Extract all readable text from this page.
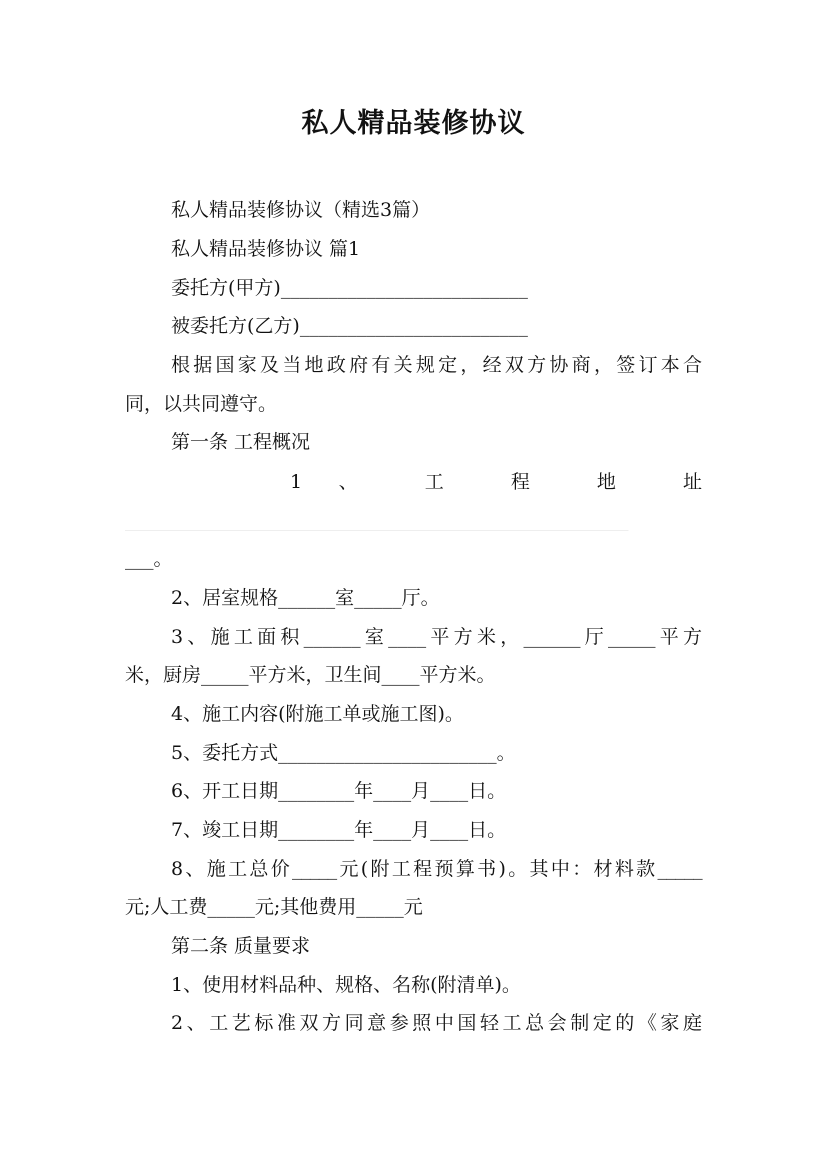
私人精品装修协议
私人精品装修协议（精选3篇）
私人精品装修协议 篇1
委托方(甲方)__________________________
被委托方(乙方)________________________
根据国家及当地政府有关规定，经双方协商，签订本合
同，以共同遵守。
第一条 工程概况
1 、 工 程 地 址
_____________________________________________________
___。
2、居室规格______室_____厅。
3、施工面积______室____平方米，______厅_____平方
米，厨房_____平方米，卫生间____平方米。
4、施工内容(附施工单或施工图)。
5、委托方式_______________________。
6、开工日期________年____月____日。
7、竣工日期________年____月____日。
8、施工总价_____元(附工程预算书)。其中：材料款_____
元;人工费_____元;其他费用_____元
第二条 质量要求
1、使用材料品种、规格、名称(附清单)。
2、工艺标准双方同意参照中国轻工总会制定的《家庭
